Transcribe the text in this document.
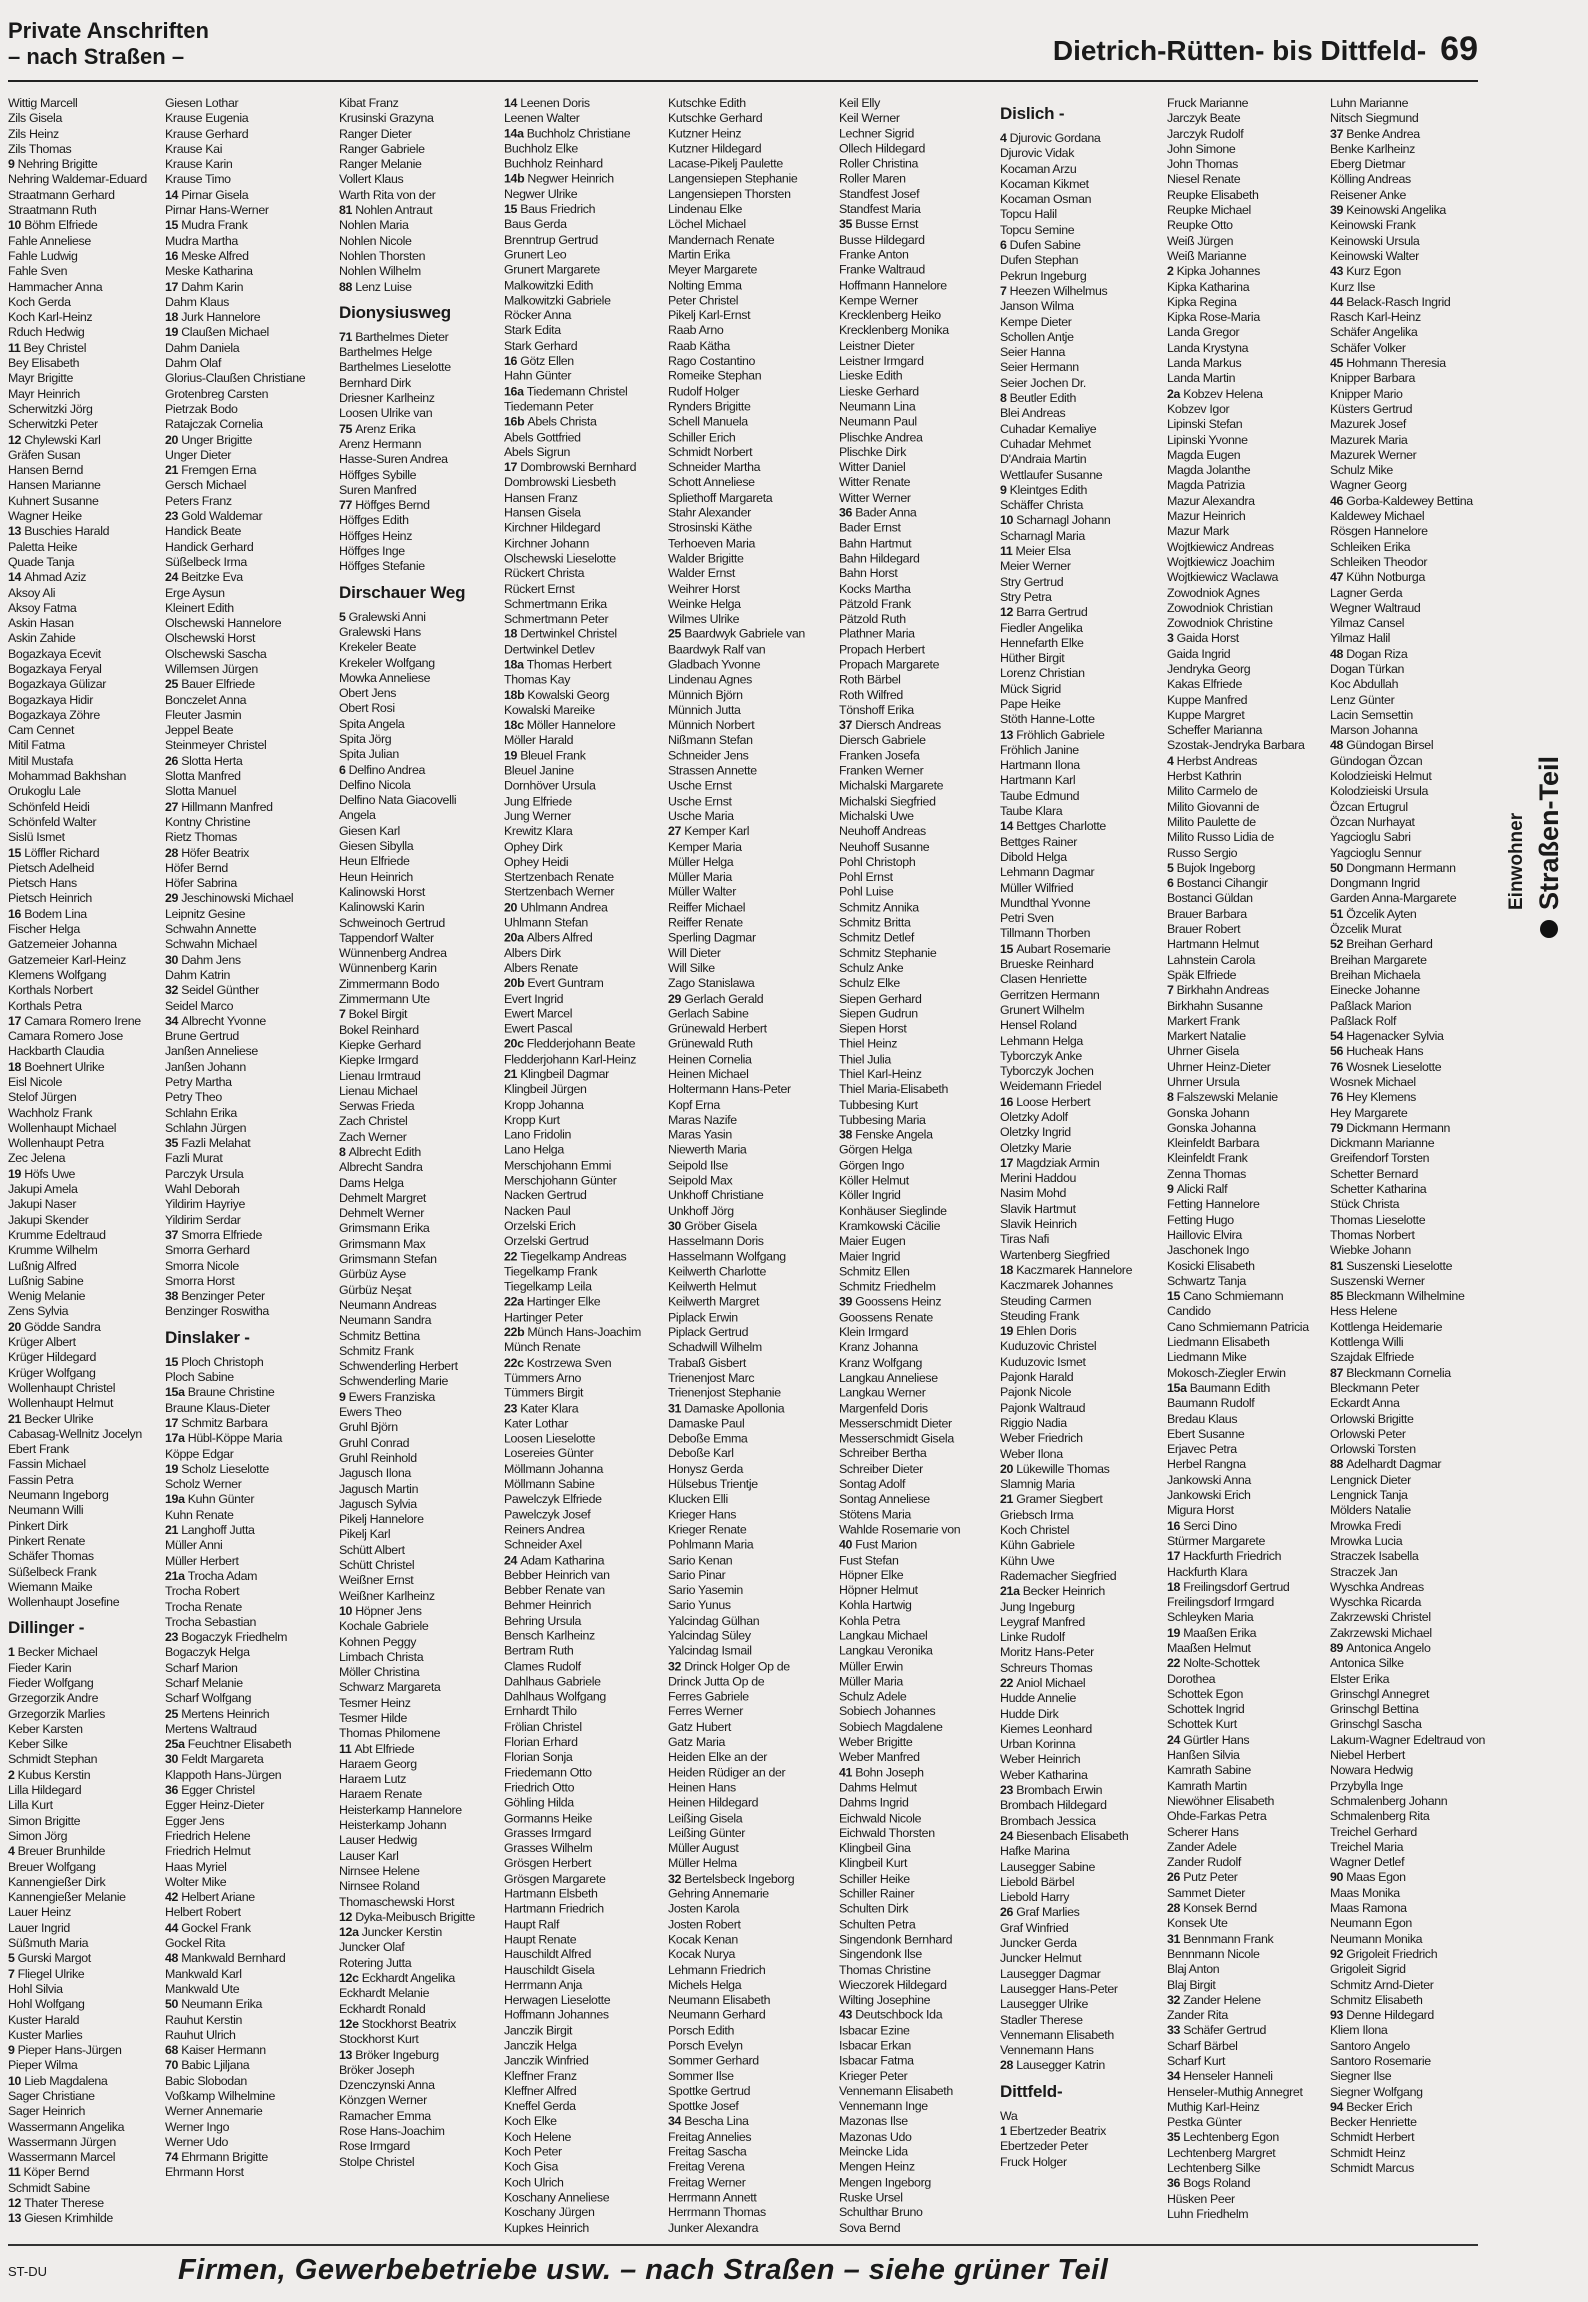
Private Anschriften
– nach Straßen –	Dietrich-Rütten- bis Dittfeld- 69
Wittig Marcell
Zils Gisela
Zils Heinz
Zils Thomas
9 Nehring Brigitte
Nehring Waldemar-Eduard
Straatmann Gerhard
Straatmann Ruth
10 Böhm Elfriede
Fahle Anneliese
Fahle Ludwig
Fahle Sven
Hammacher Anna
Koch Gerda
Koch Karl-Heinz
Rduch Hedwig
11 Bey Christel
Bey Elisabeth
Mayr Brigitte
Mayr Heinrich
Scherwitzki Jörg
Scherwitzki Peter
12 Chylewski Karl
Gräfen Susan
Hansen Bernd
Hansen Marianne
Kuhnert Susanne
Wagner Heike
13 Buschies Harald
Paletta Heike
Quade Tanja
14 Ahmad Aziz
Aksoy Ali
Aksoy Fatma
Askin Hasan
Askin Zahide
Bogazkaya Ecevit
Bogazkaya Feryal
Bogazkaya Gülizar
Bogazkaya Hidir
Bogazkaya Zöhre
Cam Cennet
Mitil Fatma
Mitil Mustafa
Mohammad Bakhshan
Orukoglu Lale
Schönfeld Heidi
Schönfeld Walter
Sislü Ismet
15 Löffler Richard
Pietsch Adelheid
Pietsch Hans
Pietsch Heinrich
16 Bodem Lina
Fischer Helga
Gatzemeier Johanna
Gatzemeier Karl-Heinz
Klemens Wolfgang
Korthals Norbert
Korthals Petra
17 Camara Romero Irene
Camara Romero Jose
Hackbarth Claudia
18 Boehnert Ulrike
Eisl Nicole
Stelof Jürgen
Wachholz Frank
Wollenhaupt Michael
Wollenhaupt Petra
Zec Jelena
19 Höfs Uwe
Jakupi Amela
Jakupi Naser
Jakupi Skender
Krumme Edeltraud
Krumme Wilhelm
Lußnig Alfred
Lußnig Sabine
Wenig Melanie
Zens Sylvia
20 Gödde Sandra
Krüger Albert
Krüger Hildegard
Krüger Wolfgang
Wollenhaupt Christel
Wollenhaupt Helmut
21 Becker Ulrike
Cabasag-Wellnitz Jocelyn
Ebert Frank
Fassin Michael
Fassin Petra
Neumann Ingeborg
Neumann Willi
Pinkert Dirk
Pinkert Renate
Schäfer Thomas
Süßelbeck Frank
Wiemann Maike
Wollenhaupt Josefine
Dillinger -
1 Becker Michael
Fieder Karin
Fieder Wolfgang
Grzegorzik Andre
Grzegorzik Marlies
Keber Karsten
Keber Silke
Schmidt Stephan
2 Kubus Kerstin
Lilla Hildegard
Lilla Kurt
Simon Brigitte
Simon Jörg
4 Breuer Brunhilde
Breuer Wolfgang
Kannengießer Dirk
Kannengießer Melanie
Lauer Heinz
Lauer Ingrid
Süßmuth Maria
5 Gurski Margot
7 Fliegel Ulrike
Hohl Silvia
Hohl Wolfgang
Kuster Harald
Kuster Marlies
9 Pieper Hans-Jürgen
Pieper Wilma
10 Lieb Magdalena
Sager Christiane
Sager Heinrich
Wassermann Angelika
Wassermann Jürgen
Wassermann Marcel
11 Köper Bernd
Schmidt Sabine
12 Thater Therese
13 Giesen Krimhilde
Giesen Lothar
Krause Eugenia
Krause Gerhard
Krause Kai
Krause Karin
Krause Timo
14 Pirnar Gisela
Pirnar Hans-Werner
15 Mudra Frank
Mudra Martha
16 Meske Alfred
Meske Katharina
17 Dahm Karin
Dahm Klaus
18 Jurk Hannelore
19 Claußen Michael
Dahm Daniela
Dahm Olaf
Glorius-Claußen Christiane
Grotenbreg Carsten
Pietrzak Bodo
Ratajczak Cornelia
20 Unger Brigitte
Unger Dieter
21 Fremgen Erna
Gersch Michael
Peters Franz
23 Gold Waldemar
Handick Beate
Handick Gerhard
Süßelbeck Irma
24 Beitzke Eva
Erge Aysun
Kleinert Edith
Olschewski Hannelore
Olschewski Horst
Olschewski Sascha
Willemsen Jürgen
25 Bauer Elfriede
Bonczelet Anna
Fleuter Jasmin
Jeppel Beate
Steinmeyer Christel
26 Slotta Herta
Slotta Manfred
Slotta Manuel
27 Hillmann Manfred
Kontny Christine
Rietz Thomas
28 Höfer Beatrix
Höfer Bernd
Höfer Sabrina
29 Jeschinowski Michael
Leipnitz Gesine
Schwahn Annette
Schwahn Michael
30 Dahm Jens
Dahm Katrin
32 Seidel Günther
Seidel Marco
34 Albrecht Yvonne
Brune Gertrud
Janßen Anneliese
Janßen Johann
Petry Martha
Petry Theo
Schlahn Erika
Schlahn Jürgen
35 Fazli Melahat
Fazli Murat
Parczyk Ursula
Wahl Deborah
Yildirim Hayriye
Yildirim Serdar
37 Smorra Elfriede
Smorra Gerhard
Smorra Nicole
Smorra Horst
38 Benzinger Peter
Benzinger Roswitha
Dinslaker -
15 Ploch Christoph
Ploch Sabine
15a Braune Christine
Braune Klaus-Dieter
17 Schmitz Barbara
17a Hübl-Köppe Maria
Köppe Edgar
19 Scholz Lieselotte
Scholz Werner
19a Kuhn Günter
Kuhn Renate
21 Langhoff Jutta
Müller Anni
Müller Herbert
21a Trocha Adam
Trocha Robert
Trocha Renate
Trocha Sebastian
23 Bogaczyk Friedhelm
Bogaczyk Helga
Scharf Marion
Scharf Melanie
Scharf Wolfgang
25 Mertens Heinrich
Mertens Waltraud
25a Feuchtner Elisabeth
30 Feldt Margareta
Klappoth Hans-Jürgen
36 Egger Christel
Egger Heinz-Dieter
Egger Jens
Friedrich Helene
Friedrich Helmut
Haas Myriel
Wolter Mike
42 Helbert Ariane
Helbert Robert
44 Gockel Frank
Gockel Rita
48 Mankwald Bernhard
Mankwald Karl
Mankwald Ute
50 Neumann Erika
Rauhut Kerstin
Rauhut Ulrich
68 Kaiser Hermann
70 Babic Ljiljana
Babic Slobodan
Voßkamp Wilhelmine
Werner Annemarie
Werner Ingo
Werner Udo
74 Ehrmann Brigitte
Ehrmann Horst
Kibat Franz
Krusinski Grazyna
Ranger Dieter
Ranger Gabriele
Ranger Melanie
Vollert Klaus
Warth Rita von der
81 Nohlen Antraut
Nohlen Maria
Nohlen Nicole
Nohlen Thorsten
Nohlen Wilhelm
88 Lenz Luise
Dionysiusweg
71 Barthelmes Dieter
Barthelmes Helge
Barthelmes Lieselotte
Bernhard Dirk
Driesner Karlheinz
Loosen Ulrike van
75 Arenz Erika
Arenz Hermann
Hasse-Suren Andrea
Höffges Sybille
Suren Manfred
77 Höffges Bernd
Höffges Edith
Höffges Heinz
Höffges Inge
Höffges Stefanie
Dirschauer Weg
5 Gralewski Anni
Gralewski Hans
Krekeler Beate
Krekeler Wolfgang
Mowka Anneliese
Obert Jens
Obert Rosi
Spita Angela
Spita Jörg
Spita Julian
6 Delfino Andrea
Delfino Nicola
Delfino Nata Giacovelli
Angela
Giesen Karl
Giesen Sibylla
Heun Elfriede
Heun Heinrich
Kalinowski Horst
Kalinowski Karin
Schweinoch Gertrud
Tappendorf Walter
Wünnenberg Andrea
Wünnenberg Karin
Zimmermann Bodo
Zimmermann Ute
7 Bokel Birgit
Bokel Reinhard
Kiepke Gerhard
Kiepke Irmgard
Lienau Irmtraud
Lienau Michael
Serwas Frieda
Zach Christel
Zach Werner
8 Albrecht Edith
Albrecht Sandra
Dams Helga
Dehmelt Margret
Dehmelt Werner
Grimsmann Erika
Grimsmann Max
Grimsmann Stefan
Gürbüz Ayse
Gürbüz Neşat
Neumann Andreas
Neumann Sandra
Schmitz Bettina
Schmitz Frank
Schwenderling Herbert
Schwenderling Marie
9 Ewers Franziska
Ewers Theo
Gruhl Björn
Gruhl Conrad
Gruhl Reinhold
Jagusch Ilona
Jagusch Martin
Jagusch Sylvia
Pikelj Hannelore
Pikelj Karl
Schütt Albert
Schütt Christel
Weißner Ernst
Weißner Karlheinz
10 Höpner Jens
Kochale Gabriele
Kohnen Peggy
Limbach Christa
Möller Christina
Schwarz Margareta
Tesmer Heinz
Tesmer Hilde
Thomas Philomene
11 Abt Elfriede
Haraem Georg
Haraem Lutz
Haraem Renate
Heisterkamp Hannelore
Heisterkamp Johann
Lauser Hedwig
Lauser Karl
Nirnsee Helene
Nirnsee Roland
Thomaschewski Horst
12 Dyka-Meibusch Brigitte
12a Juncker Kerstin
Juncker Olaf
Rotering Jutta
12c Eckhardt Angelika
Eckhardt Melanie
Eckhardt Ronald
12e Stockhorst Beatrix
Stockhorst Kurt
13 Bröker Ingeburg
Bröker Joseph
Dzenczynski Anna
Könzgen Werner
Ramacher Emma
Rose Hans-Joachim
Rose Irmgard
Stolpe Christel
14 Leenen Doris
Leenen Walter
14a Buchholz Christiane
Buchholz Elke
Buchholz Reinhard
14b Negwer Heinrich
Negwer Ulrike
15 Baus Friedrich
Baus Gerda
Brenntrup Gertrud
Grunert Leo
Grunert Margarete
Malkowitzki Edith
Malkowitzki Gabriele
Röcker Anna
Stark Edita
Stark Gerhard
16 Götz Ellen
Hahn Günter
16a Tiedemann Christel
Tiedemann Peter
16b Abels Christa
Abels Gottfried
Abels Sigrun
17 Dombrowski Bernhard
Dombrowski Liesbeth
Hansen Franz
Hansen Gisela
Kirchner Hildegard
Kirchner Johann
Olschewski Lieselotte
Rückert Christa
Rückert Ernst
Schmertmann Erika
Schmertmann Peter
18 Dertwinkel Christel
Dertwinkel Detlev
18a Thomas Herbert
Thomas Kay
18b Kowalski Georg
Kowalski Mareike
18c Möller Hannelore
Möller Harald
19 Bleuel Frank
Bleuel Janine
Dornhöver Ursula
Jung Elfriede
Jung Werner
Krewitz Klara
Ophey Dirk
Ophey Heidi
Stertzenbach Renate
Stertzenbach Werner
20 Uhlmann Andrea
Uhlmann Stefan
20a Albers Alfred
Albers Dirk
Albers Renate
20b Evert Guntram
Evert Ingrid
Ewert Marcel
Ewert Pascal
20c Fledderjohann Beate
Fledderjohann Karl-Heinz
21 Klingbeil Dagmar
Klingbeil Jürgen
Kropp Johanna
Kropp Kurt
Lano Fridolin
Lano Helga
Merschjohann Emmi
Merschjohann Günter
Nacken Gertrud
Nacken Paul
Orzelski Erich
Orzelski Gertrud
22 Tiegelkamp Andreas
Tiegelkamp Frank
Tiegelkamp Leila
22a Hartinger Elke
Hartinger Peter
22b Münch Hans-Joachim
Münch Renate
22c Kostrzewa Sven
Tümmers Arno
Tümmers Birgit
23 Kater Klara
Kater Lothar
Loosen Lieselotte
Losereies Günter
Möllmann Johanna
Möllmann Sabine
Pawelczyk Elfriede
Pawelczyk Josef
Reiners Andrea
Schneider Axel
24 Adam Katharina
Bebber Heinrich van
Bebber Renate van
Behmer Heinrich
Behring Ursula
Bensch Karlheinz
Bertram Ruth
Clames Rudolf
Dahlhaus Gabriele
Dahlhaus Wolfgang
Ernhardt Thilo
Frölian Christel
Florian Erhard
Florian Sonja
Friedemann Otto
Friedrich Otto
Göhling Hilda
Gormanns Heike
Grasses Irmgard
Grasses Wilhelm
Grösgen Herbert
Grösgen Margarete
Hartmann Elsbeth
Hartmann Friedrich
Haupt Ralf
Haupt Renate
Hauschildt Alfred
Hauschildt Gisela
Herrmann Anja
Herwagen Lieselotte
Hoffmann Johannes
Janczik Birgit
Janczik Helga
Janczik Winfried
Kleffner Franz
Kleffner Alfred
Kneffel Gerda
Koch Elke
Koch Helene
Koch Peter
Koch Gisa
Koch Ulrich
Koschany Anneliese
Koschany Jürgen
Kupkes Heinrich
Kutschke Edith
Kutschke Gerhard
Kutzner Heinz
Kutzner Hildegard
Lacase-Pikelj Paulette
Langensiepen Stephanie
Langensiepen Thorsten
Lindenau Elke
Löchel Michael
Mandernach Renate
Martin Erika
Meyer Margarete
Nolting Emma
Peter Christel
Pikelj Karl-Ernst
Raab Arno
Raab Kätha
Rago Costantino
Romeike Stephan
Rudolf Holger
Rynders Brigitte
Schell Manuela
Schiller Erich
Schmidt Norbert
Schneider Martha
Schott Anneliese
Spliethoff Margareta
Stahr Alexander
Strosinski Käthe
Terhoeven Maria
Walder Brigitte
Walder Ernst
Weihrer Horst
Weinke Helga
Wilmes Ulrike
25 Baardwyk Gabriele van
Baardwyk Ralf van
Gladbach Yvonne
Lindenau Agnes
Münnich Björn
Münnich Jutta
Münnich Norbert
Nißmann Stefan
Schneider Jens
Strassen Annette
Usche Ernst
Usche Ernst
Usche Maria
27 Kemper Karl
Kemper Maria
Müller Helga
Müller Maria
Müller Walter
Reiffer Michael
Reiffer Renate
Sperling Dagmar
Will Dieter
Will Silke
Zago Stanislawa
29 Gerlach Gerald
Gerlach Sabine
Grünewald Herbert
Grünewald Ruth
Heinen Cornelia
Heinen Michael
Holtermann Hans-Peter
Kopf Erna
Maras Nazife
Maras Yasin
Niewerth Maria
Seipold Ilse
Seipold Max
Unkhoff Christiane
Unkhoff Jörg
30 Gröber Gisela
Hasselmann Doris
Hasselmann Wolfgang
Keilwerth Charlotte
Keilwerth Helmut
Keilwerth Margret
Piplack Erwin
Piplack Gertrud
Schadwill Wilhelm
Trabaß Gisbert
Trienenjost Marc
Trienenjost Stephanie
31 Damaske Apollonia
Damaske Paul
Deboße Emma
Deboße Karl
Honysz Gerda
Hülsebus Trientje
Klucken Elli
Krieger Hans
Krieger Renate
Pohlmann Maria
Sario Kenan
Sario Pinar
Sario Yasemin
Sario Yunus
Yalcindag Gülhan
Yalcindag Süley
Yalcindag Ismail
32 Drinck Holger Op de
Drinck Jutta Op de
Ferres Gabriele
Ferres Werner
Gatz Hubert
Gatz Maria
Heiden Elke an der
Heiden Rüdiger an der
Heinen Hans
Heinen Hildegard
Leißing Gisela
Leißing Günter
Müller August
Müller Helma
32 Bertelsbeck Ingeborg
Gehring Annemarie
Josten Karola
Josten Robert
Kocak Kenan
Kocak Nurya
Lehmann Friedrich
Michels Helga
Neumann Elisabeth
Neumann Gerhard
Porsch Edith
Porsch Evelyn
Sommer Gerhard
Sommer Ilse
Spottke Gertrud
Spottke Josef
34 Bescha Lina
Freitag Annelies
Freitag Sascha
Freitag Verena
Freitag Werner
Herrmann Annett
Herrmann Thomas
Junker Alexandra
Keil Elly
Keil Werner
Lechner Sigrid
Ollech Hildegard
Roller Christina
Roller Maren
Standfest Josef
Standfest Maria
35 Busse Ernst
Busse Hildegard
Franke Anton
Franke Waltraud
Hoffmann Hannelore
Kempe Werner
Krecklenberg Heiko
Krecklenberg Monika
Leistner Dieter
Leistner Irmgard
Lieske Edith
Lieske Gerhard
Neumann Lina
Neumann Paul
Plischke Andrea
Plischke Dirk
Witter Daniel
Witter Renate
Witter Werner
36 Bader Anna
Bader Ernst
Bahn Hartmut
Bahn Hildegard
Bahn Horst
Kocks Martha
Pätzold Frank
Pätzold Ruth
Plathner Maria
Propach Herbert
Propach Margarete
Roth Bärbel
Roth Wilfred
Tönshoff Erika
37 Diersch Andreas
Diersch Gabriele
Franken Josefa
Franken Werner
Michalski Margarete
Michalski Siegfried
Michalski Uwe
Neuhoff Andreas
Neuhoff Susanne
Pohl Christoph
Pohl Ernst
Pohl Luise
Schmitz Annika
Schmitz Britta
Schmitz Detlef
Schmitz Stephanie
Schulz Anke
Schulz Elke
Siepen Gerhard
Siepen Gudrun
Siepen Horst
Thiel Heinz
Thiel Julia
Thiel Karl-Heinz
Thiel Maria-Elisabeth
Tubbesing Kurt
Tubbesing Maria
38 Fenske Angela
Görgen Helga
Görgen Ingo
Köller Helmut
Köller Ingrid
Konhäuser Sieglinde
Kramkowski Cäcilie
Maier Eugen
Maier Ingrid
Schmitz Ellen
Schmitz Friedhelm
39 Goossens Heinz
Goossens Renate
Klein Irmgard
Kranz Johanna
Kranz Wolfgang
Langkau Anneliese
Langkau Werner
Margenfeld Doris
Messerschmidt Dieter
Messerschmidt Gisela
Schreiber Bertha
Schreiber Dieter
Sontag Adolf
Sontag Anneliese
Stötens Maria
Wahlde Rosemarie von
40 Fust Marion
Fust Stefan
Höpner Elke
Höpner Helmut
Kohla Hartwig
Kohla Petra
Langkau Michael
Langkau Veronika
Müller Erwin
Müller Maria
Schulz Adele
Sobiech Johannes
Sobiech Magdalene
Weber Brigitte
Weber Manfred
41 Bohn Joseph
Dahms Helmut
Dahms Ingrid
Eichwald Nicole
Eichwald Thorsten
Klingbeil Gina
Klingbeil Kurt
Schiller Heike
Schiller Rainer
Schulten Dirk
Schulten Petra
Singendonk Bernhard
Singendonk Ilse
Thomas Christine
Wieczorek Hildegard
Wilting Josephine
43 Deutschbock Ida
Isbacar Ezine
Isbacar Erkan
Isbacar Fatma
Krieger Peter
Vennemann Elisabeth
Vennemann Inge
Mazonas Ilse
Mazonas Udo
Meincke Lida
Mengen Heinz
Mengen Ingeborg
Ruske Ursel
Schulthar Bruno
Sova Bernd
Dislich -
4 Djurovic Gordana
Djurovic Vidak
Kocaman Arzu
Kocaman Kikmet
Kocaman Osman
Topcu Halil
Topcu Semine
6 Dufen Sabine
Dufen Stephan
Pekrun Ingeburg
7 Heezen Wilhelmus
Janson Wilma
Kempe Dieter
Schollen Antje
Seier Hanna
Seier Hermann
Seier Jochen Dr.
8 Beutler Edith
Blei Andreas
Cuhadar Kemaliye
Cuhadar Mehmet
D'Andraia Martin
Wettlaufer Susanne
9 Kleintges Edith
Schäffer Christa
10 Scharnagl Johann
Scharnagl Maria
11 Meier Elsa
Meier Werner
Stry Gertrud
Stry Petra
12 Barra Gertrud
Fiedler Angelika
Hennefarth Elke
Hüther Birgit
Lorenz Christian
Mück Sigrid
Pape Heike
Stöth Hanne-Lotte
13 Fröhlich Gabriele
Fröhlich Janine
Hartmann Ilona
Hartmann Karl
Taube Edmund
Taube Klara
14 Bettges Charlotte
Bettges Rainer
Dibold Helga
Lehmann Dagmar
Müller Wilfried
Mundthal Yvonne
Petri Sven
Tillmann Thorben
15 Aubart Rosemarie
Brueske Reinhard
Clasen Henriette
Gerritzen Hermann
Grunert Wilhelm
Hensel Roland
Lehmann Helga
Tyborczyk Anke
Tyborczyk Jochen
Weidemann Friedel
16 Loose Herbert
Oletzky Adolf
Oletzky Ingrid
Oletzky Marie
17 Magdziak Armin
Merini Haddou
Nasim Mohd
Slavik Hartmut
Slavik Heinrich
Tiras Nafi
Wartenberg Siegfried
18 Kaczmarek Hannelore
Kaczmarek Johannes
Steuding Carmen
Steuding Frank
19 Ehlen Doris
Kuduzovic Christel
Kuduzovic Ismet
Pajonk Harald
Pajonk Nicole
Pajonk Waltraud
Riggio Nadia
Weber Friedrich
Weber Ilona
20 Lükewille Thomas
Slamnig Maria
21 Gramer Siegbert
Griebsch Irma
Koch Christel
Kühn Gabriele
Kühn Uwe
Rademacher Siegfried
21a Becker Heinrich
Jung Ingeburg
Leygraf Manfred
Linke Rudolf
Moritz Hans-Peter
Schreurs Thomas
22 Aniol Michael
Hudde Annelie
Hudde Dirk
Kiemes Leonhard
Urban Korinna
Weber Heinrich
Weber Katharina
23 Brombach Erwin
Brombach Hildegard
Brombach Jessica
24 Biesenbach Elisabeth
Hafke Marina
Lausegger Sabine
Liebold Bärbel
Liebold Harry
26 Graf Marlies
Graf Winfried
Juncker Gerda
Juncker Helmut
Lausegger Dagmar
Lausegger Hans-Peter
Lausegger Ulrike
Stadler Therese
Vennemann Elisabeth
Vennemann Hans
28 Lausegger Katrin
Dittfeld-
Wa
1 Ebertzeder Beatrix
Ebertzeder Peter
Fruck Holger
Fruck Marianne
Jarczyk Beate
Jarczyk Rudolf
John Simone
John Thomas
Niesel Renate
Reupke Elisabeth
Reupke Michael
Reupke Otto
Weiß Jürgen
Weiß Marianne
2 Kipka Johannes
Kipka Katharina
Kipka Regina
Kipka Rose-Maria
Landa Gregor
Landa Krystyna
Landa Markus
Landa Martin
2a Kobzev Helena
Kobzev Igor
Lipinski Stefan
Lipinski Yvonne
Magda Eugen
Magda Jolanthe
Magda Patrizia
Mazur Alexandra
Mazur Heinrich
Mazur Mark
Wojtkiewicz Andreas
Wojtkiewicz Joachim
Wojtkiewicz Waclawa
Zowodniok Agnes
Zowodniok Christian
Zowodniok Christine
3 Gaida Horst
Gaida Ingrid
Jendryka Georg
Kakas Elfriede
Kuppe Manfred
Kuppe Margret
Scheffer Marianna
Szostak-Jendryka Barbara
4 Herbst Andreas
Herbst Kathrin
Milito Carmelo de
Milito Giovanni de
Milito Paulette de
Milito Russo Lidia de
Russo Sergio
5 Bujok Ingeborg
6 Bostanci Cihangir
Bostanci Güldan
Brauer Barbara
Brauer Robert
Hartmann Helmut
Lahnstein Carola
Späk Elfriede
7 Birkhahn Andreas
Birkhahn Susanne
Markert Frank
Markert Natalie
Uhrner Gisela
Uhrner Heinz-Dieter
Uhrner Ursula
8 Falszewski Melanie
Gonska Johann
Gonska Johanna
Kleinfeldt Barbara
Kleinfeldt Frank
Zenna Thomas
9 Alicki Ralf
Fetting Hannelore
Fetting Hugo
Haillovic Elvira
Jaschonek Ingo
Kosicki Elisabeth
Schwartz Tanja
15 Cano Schmiemann
Candido
Cano Schmiemann Patricia
Liedmann Elisabeth
Liedmann Mike
Mokosch-Ziegler Erwin
15a Baumann Edith
Baumann Rudolf
Bredau Klaus
Ebert Susanne
Erjavec Petra
Herbel Rangna
Jankowski Anna
Jankowski Erich
Migura Horst
16 Serci Dino
Stürmer Margarete
17 Hackfurth Friedrich
Hackfurth Klara
18 Freilingsdorf Gertrud
Freilingsdorf Irmgard
Schleyken Maria
19 Maaßen Erika
Maaßen Helmut
22 Nolte-Schottek
Dorothea
Schottek Egon
Schottek Ingrid
Schottek Kurt
24 Gürtler Hans
Hanßen Silvia
Kamrath Sabine
Kamrath Martin
Niewöhner Elisabeth
Ohde-Farkas Petra
Scherer Hans
Zander Adele
Zander Rudolf
26 Putz Peter
Sammet Dieter
28 Konsek Bernd
Konsek Ute
31 Bennmann Frank
Bennmann Nicole
Blaj Anton
Blaj Birgit
32 Zander Helene
Zander Rita
33 Schäfer Gertrud
Scharf Bärbel
Scharf Kurt
34 Henseler Hanneli
Henseler-Muthig Annegret
Muthig Karl-Heinz
Pestka Günter
35 Lechtenberg Egon
Lechtenberg Margret
Lechtenberg Silke
36 Bogs Roland
Hüsken Peer
Luhn Friedhelm
Luhn Marianne
Nitsch Siegmund
37 Benke Andrea
Benke Karlheinz
Eberg Dietmar
Kölling Andreas
Reisener Anke
39 Keinowski Angelika
Keinowski Frank
Keinowski Ursula
Keinowski Walter
43 Kurz Egon
Kurz Ilse
44 Belack-Rasch Ingrid
Rasch Karl-Heinz
Schäfer Angelika
Schäfer Volker
45 Hohmann Theresia
Knipper Barbara
Knipper Mario
Küsters Gertrud
Mazurek Josef
Mazurek Maria
Mazurek Werner
Schulz Mike
Wagner Georg
46 Gorba-Kaldewey Bettina
Kaldewey Michael
Rösgen Hannelore
Schleiken Erika
Schleiken Theodor
47 Kühn Notburga
Lagner Gerda
Wegner Waltraud
Yilmaz Cansel
Yilmaz Halil
48 Dogan Riza
Dogan Türkan
Koc Abdullah
Lenz Günter
Lacin Semsettin
Marson Johanna
48 Gündogan Birsel
Gündogan Özcan
Kolodzieiski Helmut
Kolodzieiski Ursula
Özcan Ertugrul
Özcan Nurhayat
Yagcioglu Sabri
Yagcioglu Sennur
50 Dongmann Hermann
Dongmann Ingrid
Garden Anna-Margarete
51 Özcelik Ayten
Özcelik Murat
52 Breihan Gerhard
Breihan Margarete
Breihan Michaela
Einecke Johanne
Paßlack Marion
Paßlack Rolf
54 Hagenacker Sylvia
56 Hucheak Hans
76 Wosnek Lieselotte
Wosnek Michael
76 Hey Klemens
Hey Margarete
79 Dickmann Hermann
Dickmann Marianne
Greifendorf Torsten
Schetter Bernard
Schetter Katharina
Stück Christa
Thomas Lieselotte
Thomas Norbert
Wiebke Johann
81 Suszenski Lieselotte
Suszenski Werner
85 Bleckmann Wilhelmine
Hess Helene
Kottlenga Heidemarie
Kottlenga Willi
Szajdak Elfriede
87 Bleckmann Cornelia
Bleckmann Peter
Eckardt Anna
Orlowski Brigitte
Orlowski Peter
Orlowski Torsten
88 Adelhardt Dagmar
Lengnick Dieter
Lengnick Tanja
Mölders Natalie
Mrowka Fredi
Mrowka Lucia
Straczek Isabella
Straczek Jan
Wyschka Andreas
Wyschka Ricarda
Zakrzewski Christel
Zakrzewski Michael
89 Antonica Angelo
Antonica Silke
Elster Erika
Grinschgl Annegret
Grinschgl Bettina
Grinschgl Sascha
Lakum-Wagner Edeltraud von
Niebel Herbert
Nowara Hedwig
Przybylla Inge
Schmalenberg Johann
Schmalenberg Rita
Treichel Gerhard
Treichel Maria
Wagner Detlef
90 Maas Egon
Maas Monika
Maas Ramona
Neumann Egon
Neumann Monika
92 Grigoleit Friedrich
Grigoleit Sigrid
Schmitz Arnd-Dieter
Schmitz Elisabeth
93 Denne Hildegard
Kliem Ilona
Santoro Angelo
Santoro Rosemarie
Siegner Ilse
Siegner Wolfgang
94 Becker Erich
Becker Henriette
Schmidt Herbert
Schmidt Heinz
Schmidt Marcus
Einwohner Straßen-Teil
ST-DU	Firmen, Gewerbebetriebe usw. – nach Straßen – siehe grüner Teil
